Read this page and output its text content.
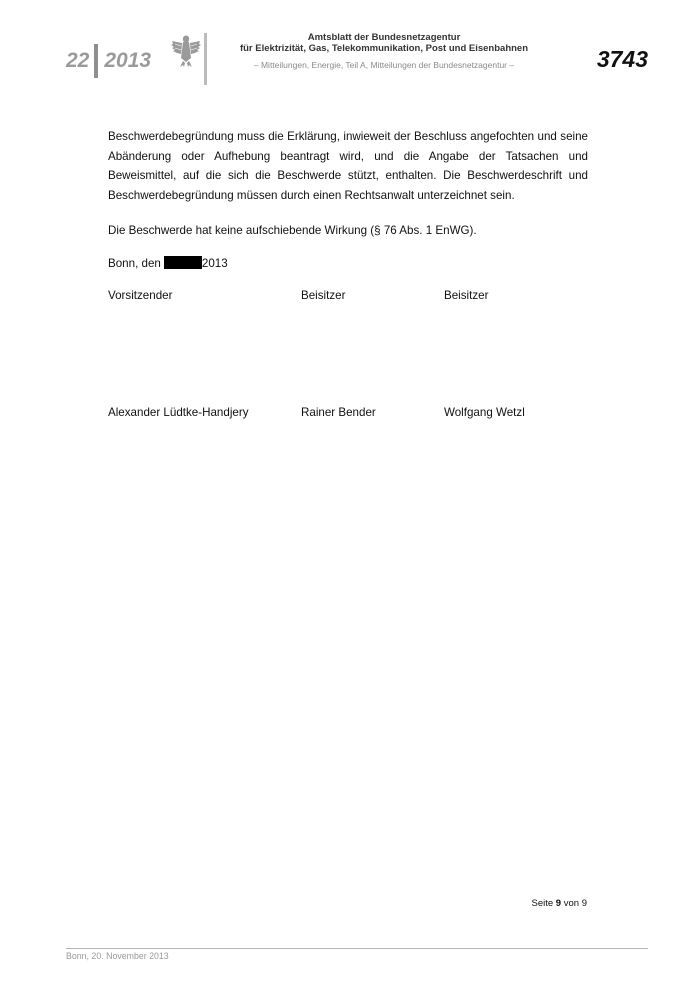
22 2013
Amtsblatt der Bundesnetzagentur
für Elektrizität, Gas, Telekommunikation, Post und Eisenbahnen
– Mitteilungen, Energie, Teil A, Mitteilungen der Bundesnetzagentur –	3743

Beschwerdebegründung muss die Erklärung, inwieweit der Beschluss angefochten und seine Abänderung oder Aufhebung beantragt wird, und die Angabe der Tatsachen und Beweismittel, auf die sich die Beschwerde stützt, enthalten. Die Beschwerdeschrift und Beschwerdebegründung müssen durch einen Rechtsanwalt unterzeichnet sein.

Die Beschwerde hat keine aufschiebende Wirkung (§ 76 Abs. 1 EnWG).

Bonn, den	2013

Vorsitzender	Beisitzer	Beisitzer
Alexander Lüdtke-Handjery	Rainer Bender	Wolfgang Wetzl
Seite 9 von 9
Bonn, 20. November 2013
